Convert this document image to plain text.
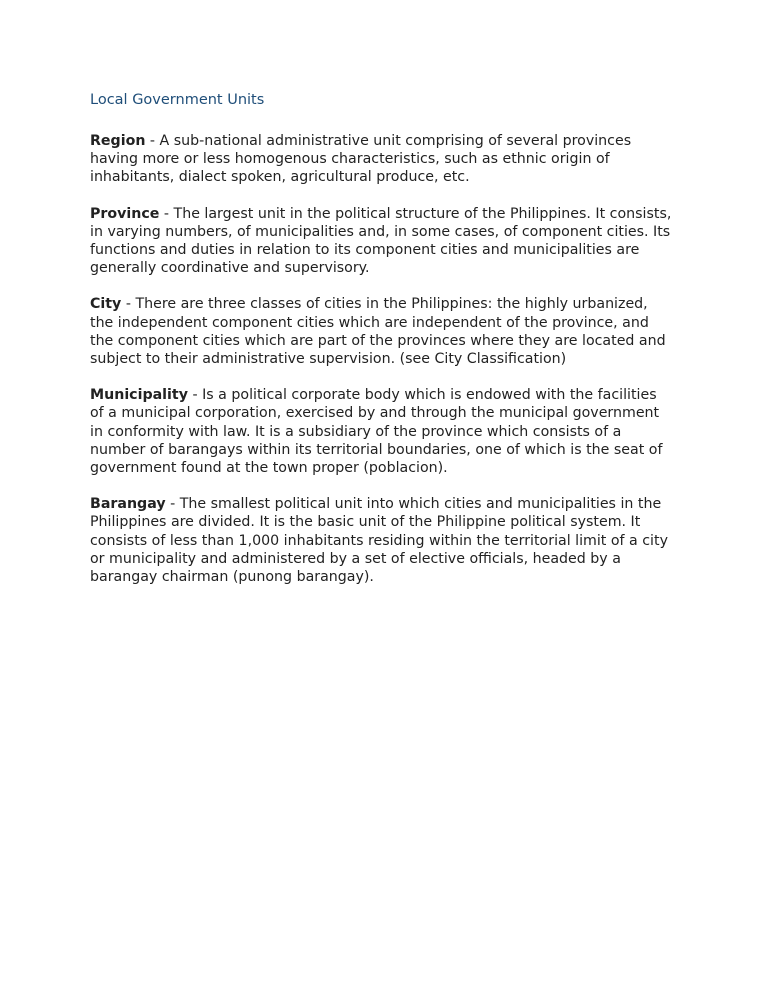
Local Government Units

Region - A sub-national administrative unit comprising of several provinces having more or less homogenous characteristics, such as ethnic origin of inhabitants, dialect spoken, agricultural produce, etc.

Province - The largest unit in the political structure of the Philippines. It consists, in varying numbers, of municipalities and, in some cases, of component cities. Its functions and duties in relation to its component cities and municipalities are generally coordinative and supervisory.

City - There are three classes of cities in the Philippines: the highly urbanized, the independent component cities which are independent of the province, and the component cities which are part of the provinces where they are located and subject to their administrative supervision. (see City Classification)

Municipality - Is a political corporate body which is endowed with the facilities of a municipal corporation, exercised by and through the municipal government in conformity with law. It is a subsidiary of the province which consists of a number of barangays within its territorial boundaries, one of which is the seat of government found at the town proper (poblacion).

Barangay - The smallest political unit into which cities and municipalities in the Philippines are divided. It is the basic unit of the Philippine political system. It consists of less than 1,000 inhabitants residing within the territorial limit of a city or municipality and administered by a set of elective officials, headed by a barangay chairman (punong barangay).
